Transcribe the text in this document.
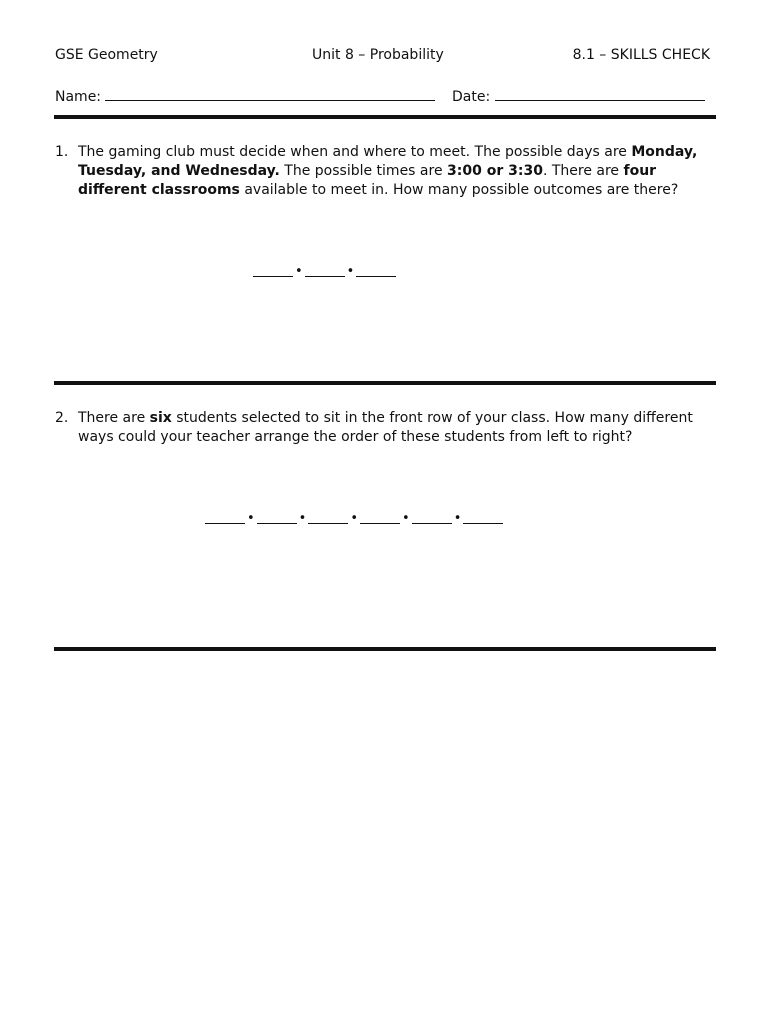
GSE Geometry	Unit 8 – Probability	8.1 – SKILLS CHECK
Name:	Date:
1. The gaming club must decide when and where to meet. The possible days are Monday, Tuesday, and Wednesday. The possible times are 3:00 or 3:30. There are four different classrooms available to meet in. How many possible outcomes are there?
•	•
2. There are six students selected to sit in the front row of your class. How many different ways could your teacher arrange the order of these students from left to right?
•	•	•	•	•
